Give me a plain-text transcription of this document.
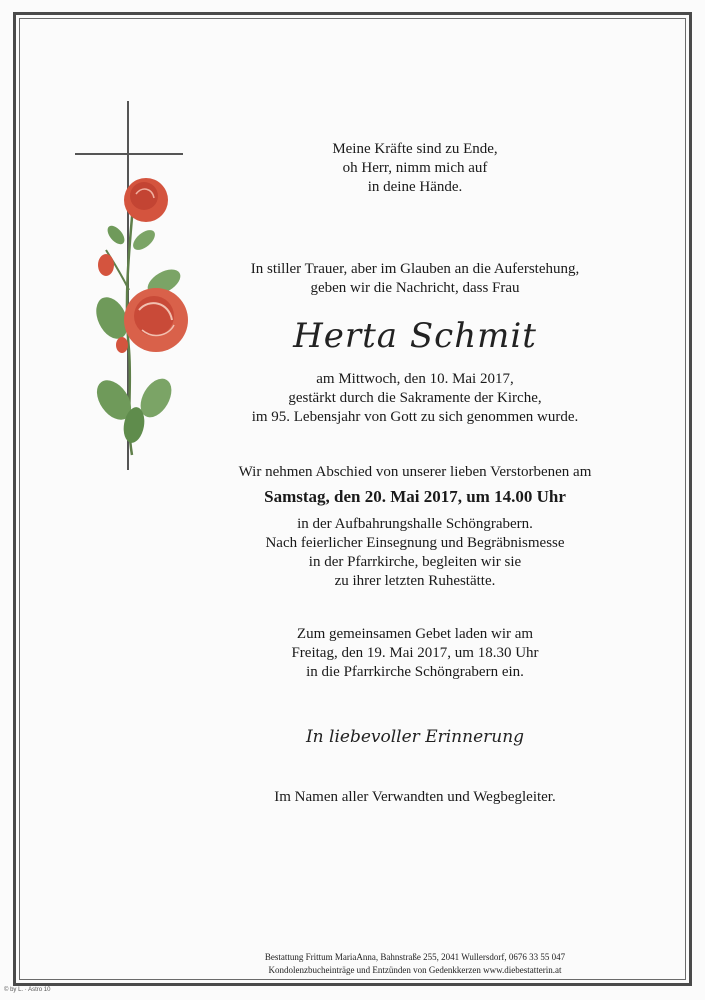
Meine Kräfte sind zu Ende,
oh Herr, nimm mich auf
in deine Hände.
In stiller Trauer, aber im Glauben an die Auferstehung,
geben wir die Nachricht, dass Frau
Herta Schmit
am Mittwoch, den 10. Mai 2017,
gestärkt durch die Sakramente der Kirche,
im 95. Lebensjahr von Gott zu sich genommen wurde.
Wir nehmen Abschied von unserer lieben Verstorbenen am
Samstag, den 20. Mai 2017, um 14.00 Uhr
in der Aufbahrungshalle Schöngrabern.
Nach feierlicher Einsegnung und Begräbnismesse
in der Pfarrkirche, begleiten wir sie
zu ihrer letzten Ruhestätte.
Zum gemeinsamen Gebet laden wir am
Freitag, den 19. Mai 2017, um 18.30 Uhr
in die Pfarrkirche Schöngrabern ein.
In liebevoller Erinnerung
Im Namen aller Verwandten und Wegbegleiter.
Bestattung Frittum MariaAnna, Bahnstraße 255, 2041 Wullersdorf, 0676 33 55 047
Kondolenzbucheinträge und Entzünden von Gedenkkerzen www.diebestatterin.at
© by L. · Astro 10
